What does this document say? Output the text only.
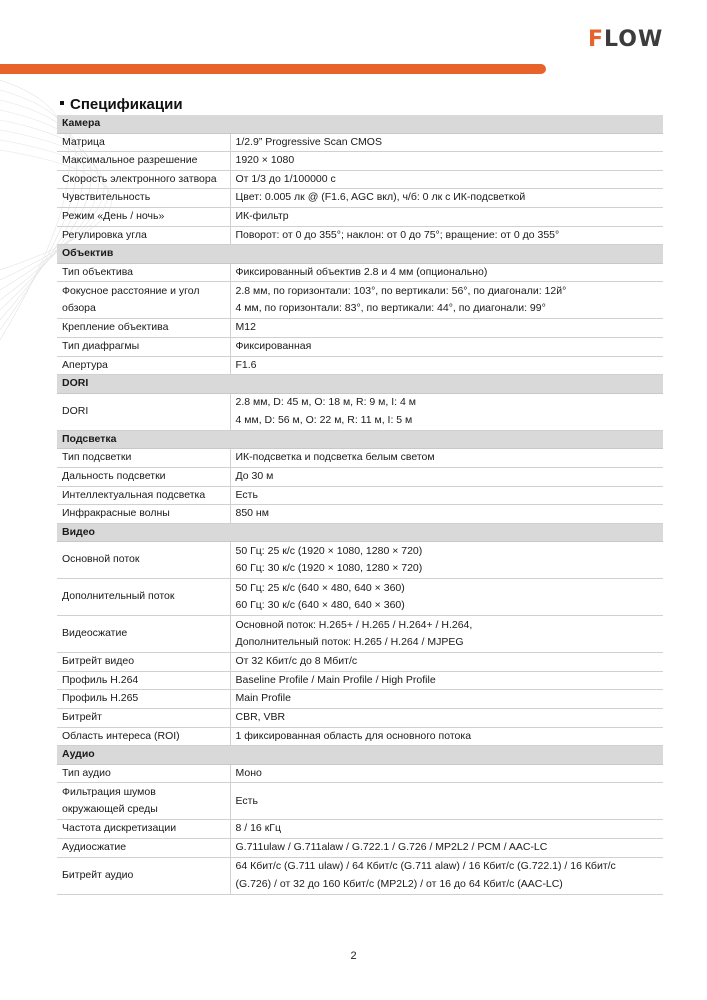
FLOW
Спецификации
Камера	

Матрица	1/2.9” Progressive Scan CMOS

Максимальное разрешение	1920 × 1080

Скорость электронного затвора	От 1/3 до 1/100000 с

Чувствительность	Цвет: 0.005 лк @ (F1.6, AGC вкл), ч/б: 0 лк с ИК-подсветкой

Режим «День / ночь»	ИК-фильтр

Регулировка угла	Поворот: от 0 до 355°; наклон: от 0 до 75°; вращение: от 0 до 355°

Объектив	

Тип объектива	Фиксированный объектив 2.8 и 4 мм (опционально)

Фокусное расстояние и угол
обзора	2.8 мм, по горизонтали: 103°, по вертикали: 56°, по диагонали: 12й°
4 мм, по горизонтали: 83°, по вертикали: 44°, по диагонали: 99°

Крепление объектива	M12

Тип диафрагмы	Фиксированная

Апертура	F1.6

DORI	

DORI	2.8 мм, D: 45 м, O: 18 м, R: 9 м, I: 4 м
4 мм, D: 56 м, O: 22 м, R: 11 м, I: 5 м

Подсветка	

Тип подсветки	ИК-подсветка и подсветка белым светом

Дальность подсветки	До 30 м

Интеллектуальная подсветка	Есть

Инфракрасные волны	850 нм

Видео	

Основной поток	50 Гц: 25 к/с (1920 × 1080, 1280 × 720)
60 Гц: 30 к/с (1920 × 1080, 1280 × 720)

Дополнительный поток	50 Гц: 25 к/с (640 × 480, 640 × 360)
60 Гц: 30 к/с (640 × 480, 640 × 360)

Видеосжатие	Основной поток: H.265+ / H.265 / H.264+ / H.264,
Дополнительный поток: H.265 / H.264 / MJPEG

Битрейт видео	От 32 Кбит/с до 8 Мбит/с

Профиль H.264	Baseline Profile / Main Profile / High Profile

Профиль H.265	Main Profile

Битрейт	CBR, VBR

Область интереса (ROI)	1 фиксированная область для основного потока

Аудио	

Тип аудио	Моно

Фильтрация шумов
окружающей среды	Есть

Частота дискретизации	8 / 16 кГц

Аудиосжатие	G.711ulaw / G.711alaw / G.722.1 / G.726 / MP2L2 / PCM / AAC-LC

Битрейт аудио	64 Кбит/с (G.711 ulaw) / 64 Кбит/с (G.711 alaw) / 16 Кбит/с (G.722.1) / 16 Кбит/с
(G.726) / от 32 до 160 Кбит/с (MP2L2) / от 16 до 64 Кбит/с (AAC-LC)
2
